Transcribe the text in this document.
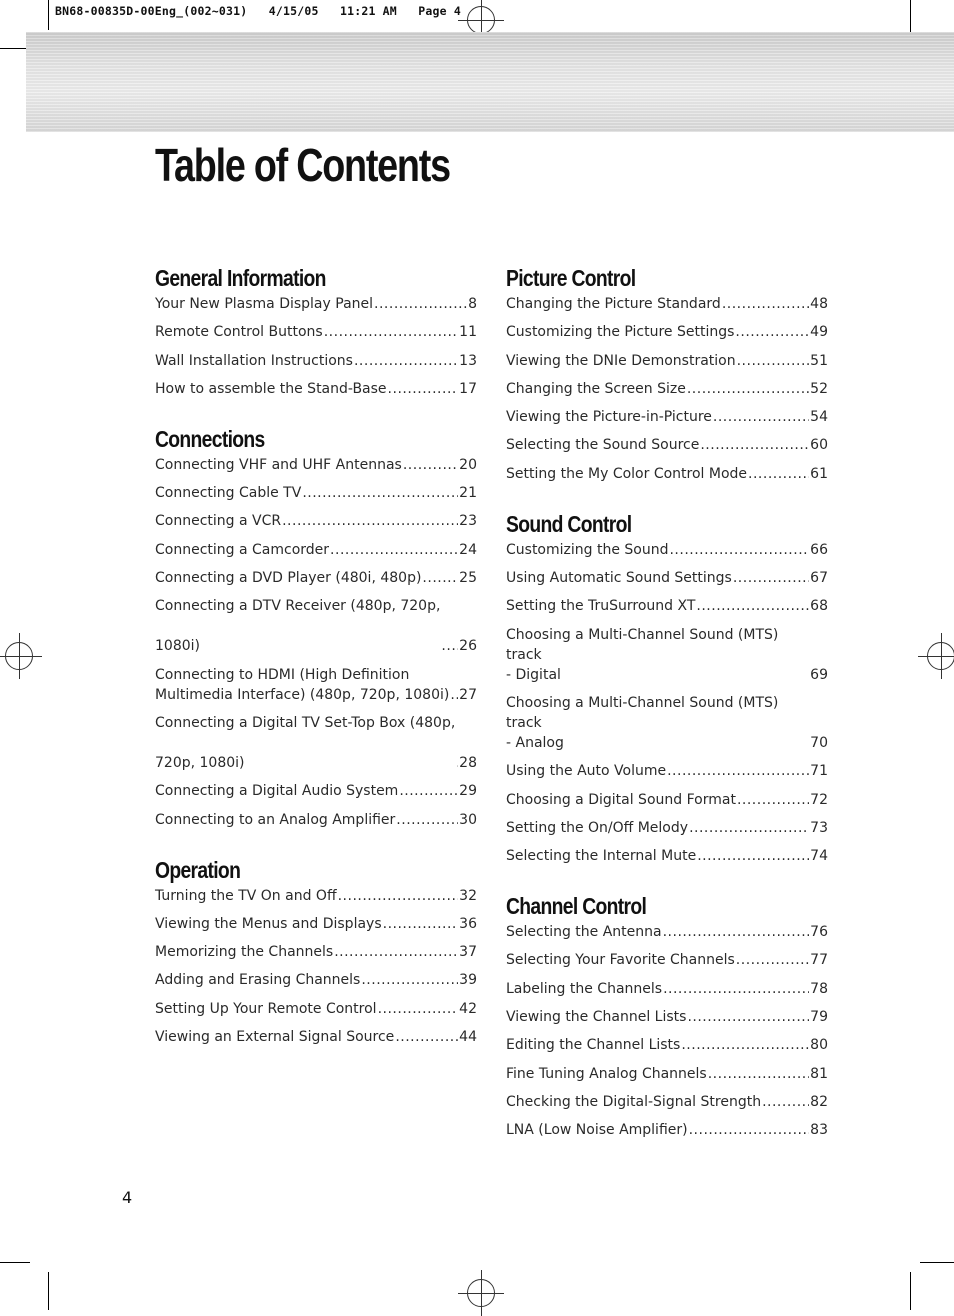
BN68-00835D-00Eng_(002~031)   4/15/05   11:21 AM   Page 4
Table of Contents
General Information
Your New Plasma Display Panel .....	8
Remote Control Buttons .....	11
Wall Installation Instructions .....	13
How to assemble the Stand-Base .....	17
Connections
Connecting VHF and UHF Antennas .....	20
Connecting Cable TV .....	21
Connecting a VCR .....	23
Connecting a Camcorder .....	24
Connecting a DVD Player (480i, 480p) .....	25
Connecting a DTV Receiver (480p, 720p,

1080i) .....	26
Connecting to HDMI (High Definition
Multimedia Interface) (480p, 720p, 1080i) ..... 27
Connecting a Digital TV Set-Top Box (480p,

720p, 1080i) .....	28
Connecting a Digital Audio System .....	29
Connecting to an Analog Amplifier .....	30
Operation
Turning the TV On and Off .....	32
Viewing the Menus and Displays .....	36
Memorizing the Channels .....	37
Adding and Erasing Channels .....	39
Setting Up Your Remote Control .....	42
Viewing an External Signal Source .....	44
Picture Control
Changing the Picture Standard .....	48
Customizing the Picture Settings .....	49
Viewing the DNIe Demonstration .....	51
Changing the Screen Size .....	52
Viewing the Picture-in-Picture .....	54
Selecting the Sound Source .....	60
Setting the My Color Control Mode .....	61
Sound Control
Customizing the Sound .....	66
Using Automatic Sound Settings .....	67
Setting the TruSurround XT .....	68
Choosing a Multi-Channel Sound (MTS) track
- Digital	69
Choosing a Multi-Channel Sound (MTS) track
- Analog	70
Using the Auto Volume .....	71
Choosing a Digital Sound Format .....	72
Setting the On/Off Melody .....	73
Selecting the Internal Mute .....	74
Channel Control
Selecting the Antenna .....	76
Selecting Your Favorite Channels .....	77
Labeling the Channels .....	78
Viewing the Channel Lists .....	79
Editing the Channel Lists .....	80
Fine Tuning Analog Channels .....	81
Checking the Digital-Signal Strength .....	82
LNA (Low Noise Amplifier) .....	83
4
